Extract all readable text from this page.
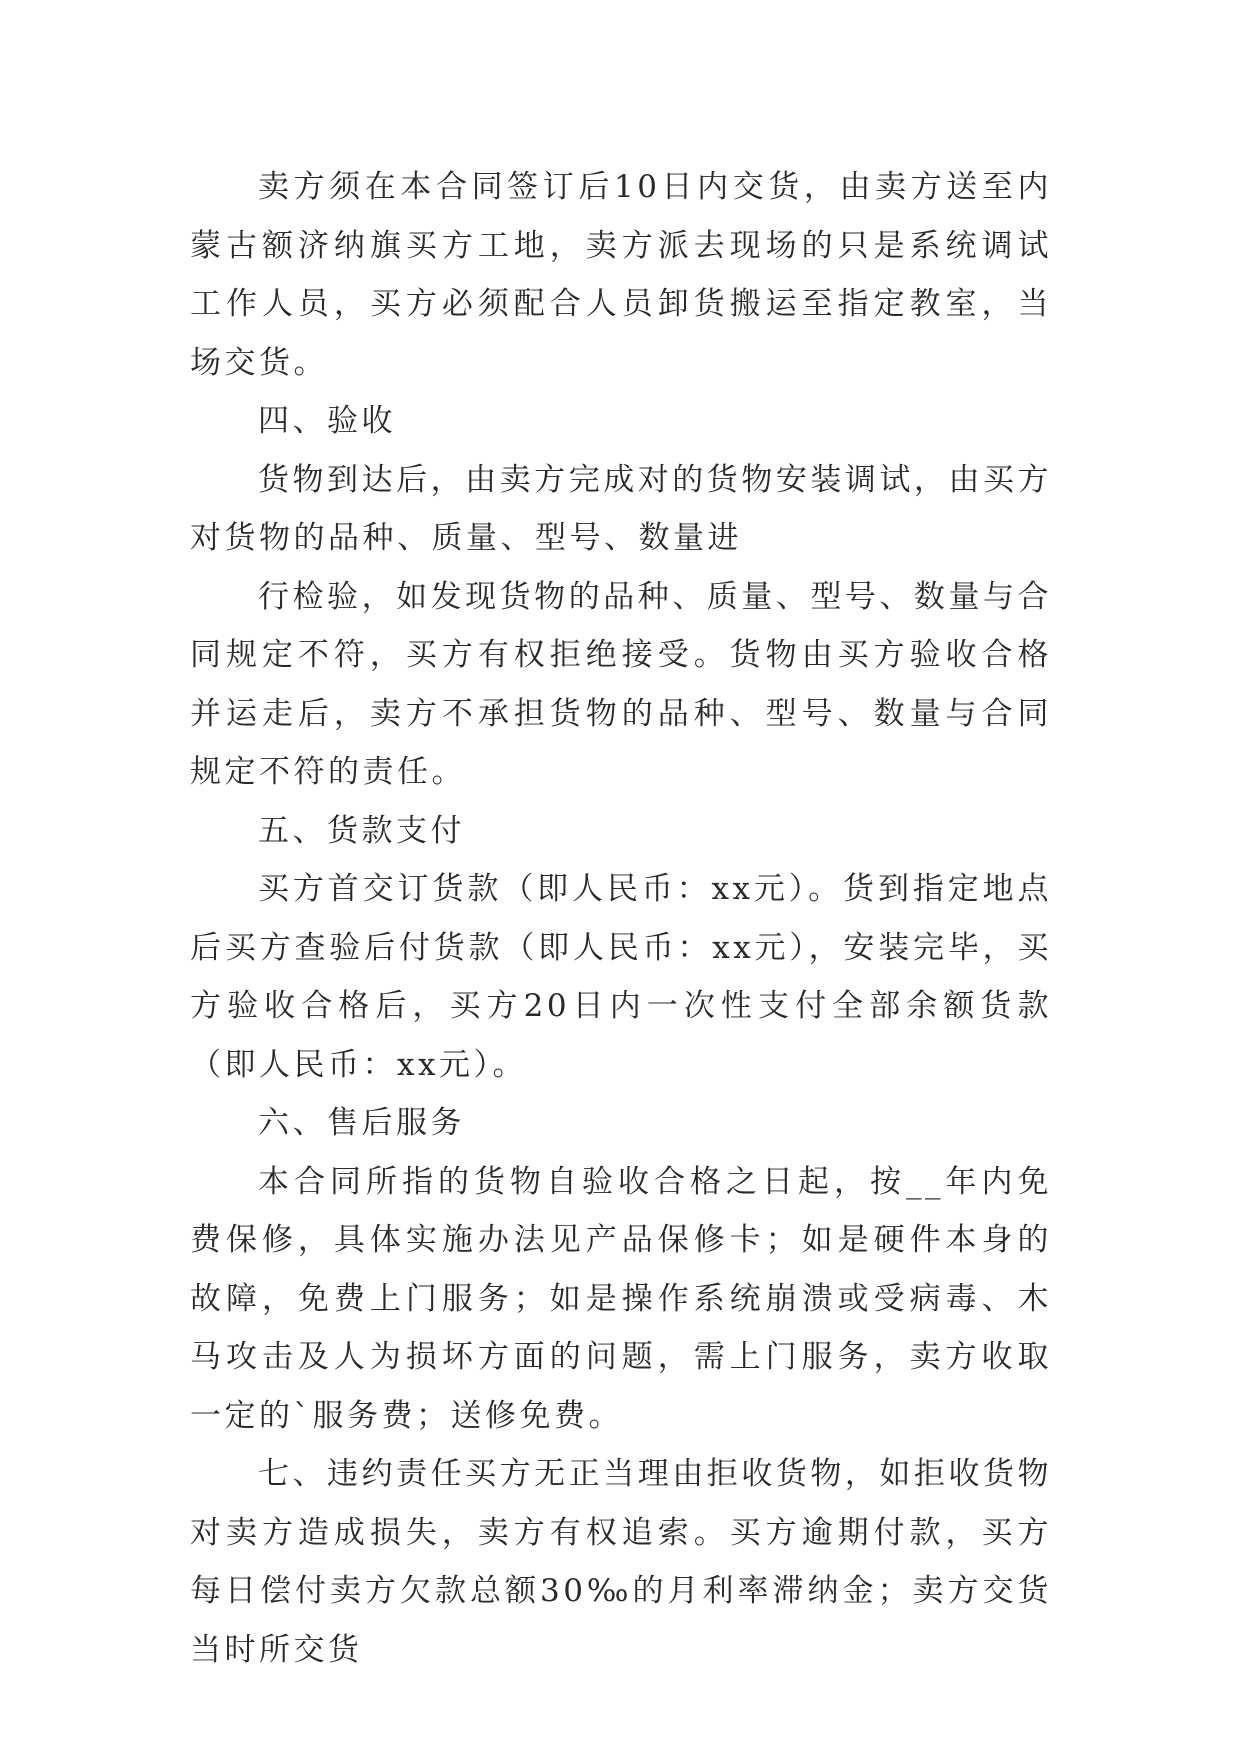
卖方须在本合同签订后10日内交货，由卖方送至内蒙古额济纳旗买方工地，卖方派去现场的只是系统调试工作人员，买方必须配合人员卸货搬运至指定教室，当场交货。

四、验收

货物到达后，由卖方完成对的货物安装调试，由买方对货物的品种、质量、型号、数量进

行检验，如发现货物的品种、质量、型号、数量与合同规定不符，买方有权拒绝接受。货物由买方验收合格并运走后，卖方不承担货物的品种、型号、数量与合同规定不符的责任。

五、货款支付

买方首交订货款（即人民币：xx元）。货到指定地点后买方查验后付货款（即人民币：xx元），安装完毕，买方验收合格后，买方20日内一次性支付全部余额货款（即人民币：xx元）。

六、售后服务

本合同所指的货物自验收合格之日起，按__年内免费保修，具体实施办法见产品保修卡；如是硬件本身的故障，免费上门服务；如是操作系统崩溃或受病毒、木马攻击及人为损坏方面的问题，需上门服务，卖方收取一定的`服务费；送修免费。

七、违约责任买方无正当理由拒收货物，如拒收货物对卖方造成损失，卖方有权追索。买方逾期付款，买方每日偿付卖方欠款总额30‰的月利率滞纳金；卖方交货当时所交货
